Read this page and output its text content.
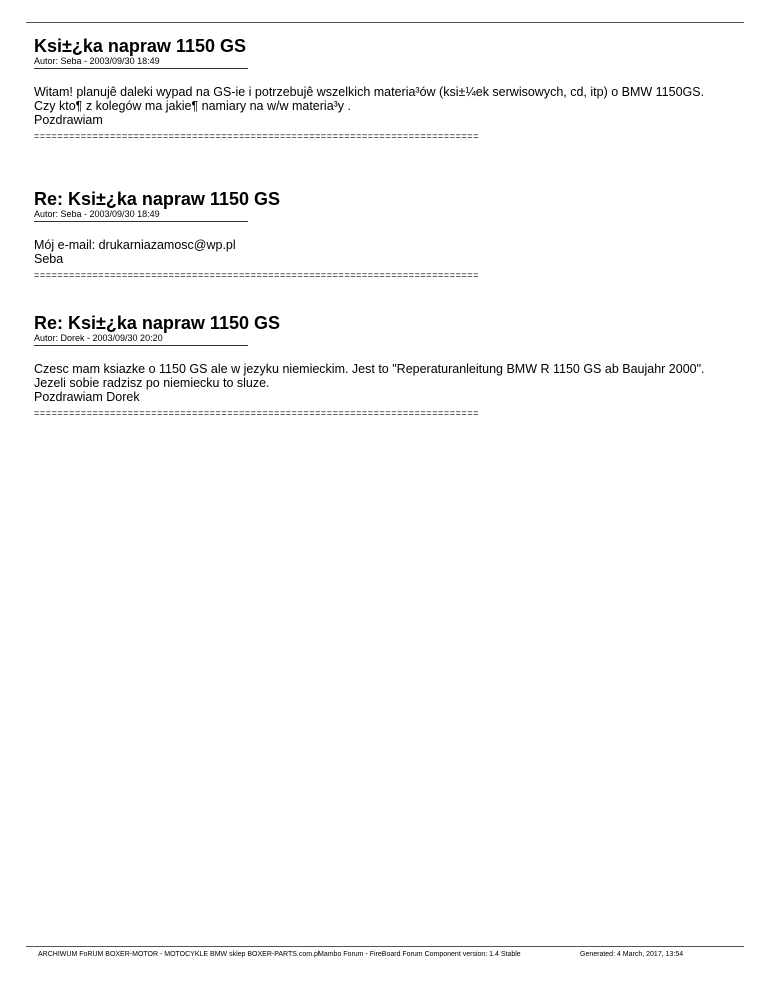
Ksi±¿ka napraw 1150 GS
Autor: Seba - 2003/09/30 18:49

Witam! planujê daleki wypad na GS-ie i potrzebujê wszelkich materia³ów (ksi±¼ek serwisowych, cd, itp) o BMW 1150GS.

Czy kto¶ z kolegów ma jakie¶ namiary na w/w materia³y .

Pozdrawiam

============================================================================
Re: Ksi±¿ka napraw 1150 GS
Autor: Seba - 2003/09/30 18:49

Mój e-mail: drukarniazamosc@wp.pl

Seba

============================================================================
Re: Ksi±¿ka napraw 1150 GS
Autor: Dorek - 2003/09/30 20:20

Czesc mam ksiazke o 1150 GS ale w jezyku niemieckim. Jest to "Reperaturanleitung BMW R 1150 GS ab Baujahr 2000". Jezeli sobie radzisz po niemiecku to sluze.

Pozdrawiam Dorek

============================================================================
ARCHIWUM FoRUM BOXER-MOTOR - MOTOCYKLE BMW sklep BOXER-PARTS.com.pl
Mambo Forum - FireBoard Forum Component version: 1.4 Stable	Generated: 4 March, 2017, 13:54
